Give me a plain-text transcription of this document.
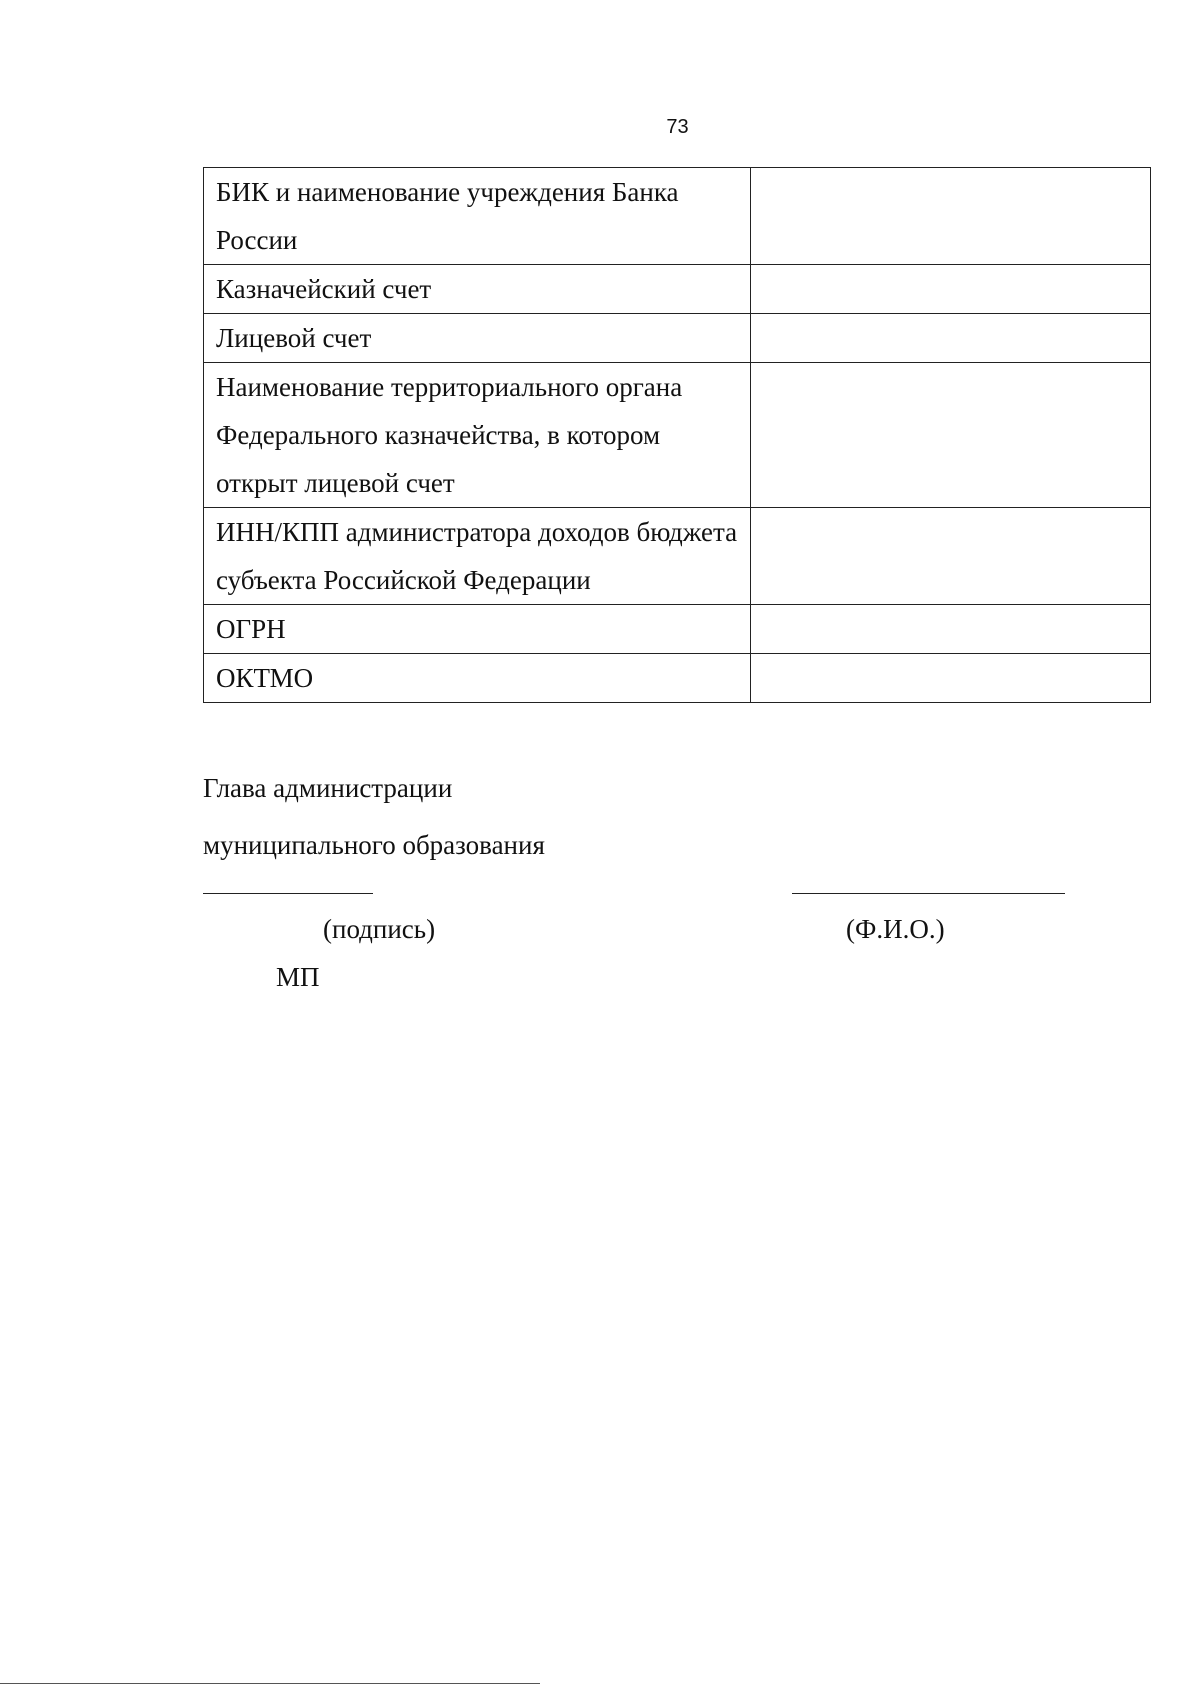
73
БИК и наименование учреждения Банка России	
Казначейский счет	
Лицевой счет	
Наименование территориального органа Федерального казначейства, в котором открыт лицевой счет	
ИНН/КПП администратора доходов бюджета субъекта Российской Федерации	
ОГРН	
ОКТМО	
Глава администрации
муниципального образования
(подпись)	(Ф.И.О.)
МП
